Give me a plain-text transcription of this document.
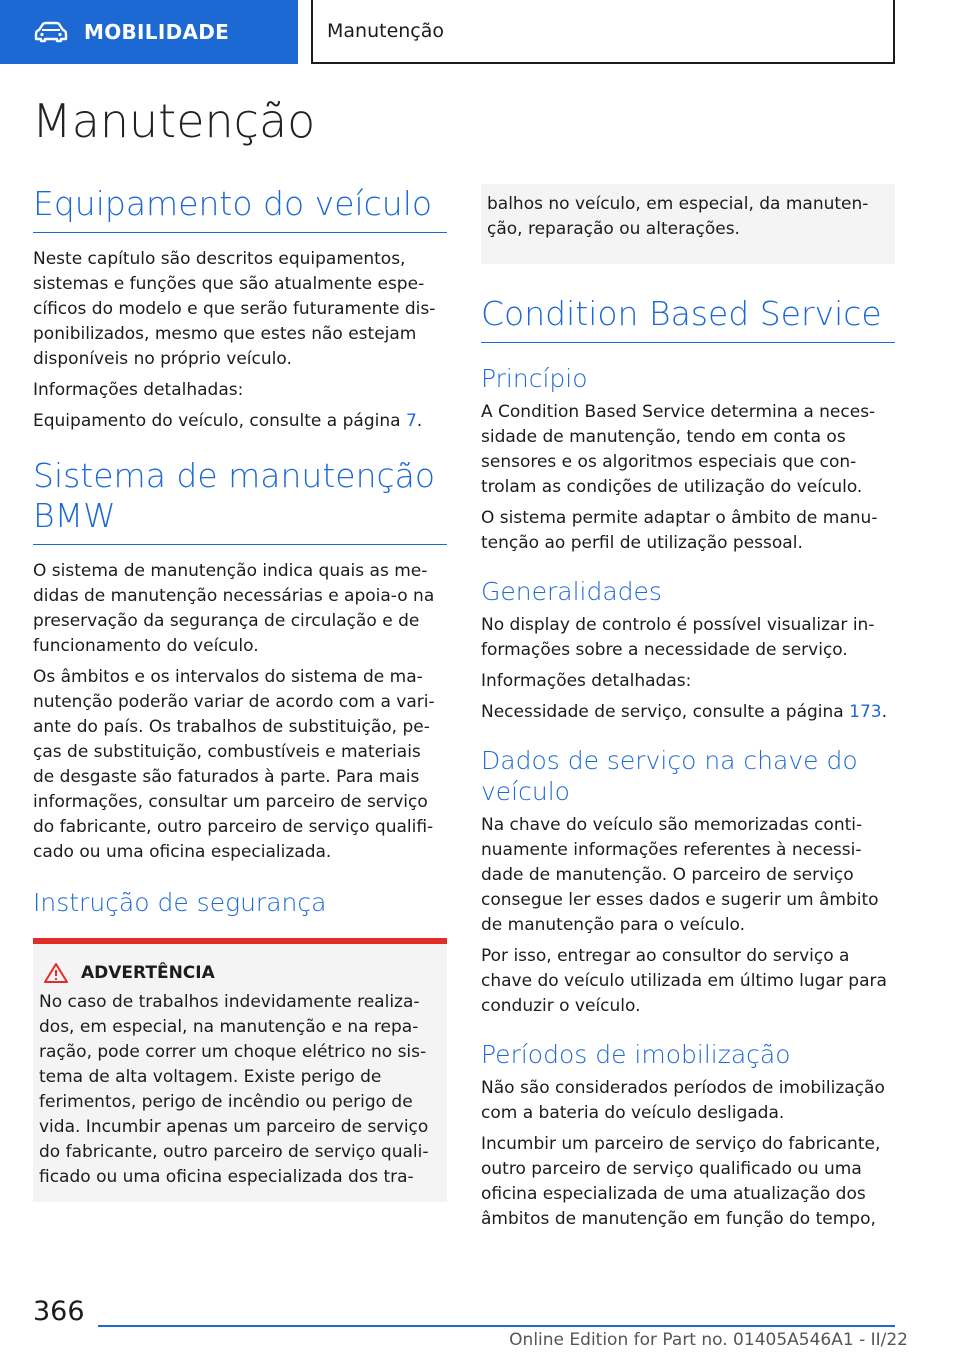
MOBILIDADE	Manutenção
Manutenção
Equipamento do veículo

Neste capítulo são descritos equipamentos, sistemas e funções que são atualmente específicos do modelo e que serão futuramente disponibilizados, mesmo que estes não estejam disponíveis no próprio veículo.

Informações detalhadas:

Equipamento do veículo, consulte a página 7.

Sistema de manutenção BMW

O sistema de manutenção indica quais as medidas de manutenção necessárias e apoia-o na preservação da segurança de circulação e de funcionamento do veículo.

Os âmbitos e os intervalos do sistema de manutenção poderão variar de acordo com a variante do país. Os trabalhos de substituição, peças de substituição, combustíveis e materiais de desgaste são faturados à parte. Para mais informações, consultar um parceiro de serviço do fabricante, outro parceiro de serviço qualificado ou uma oficina especializada.

Instrução de segurança
ADVERTÊNCIA

No caso de trabalhos indevidamente realizados, em especial, na manutenção e na reparação, pode correr um choque elétrico no sistema de alta voltagem. Existe perigo de ferimentos, perigo de incêndio ou perigo de vida. Incumbir apenas um parceiro de serviço do fabricante, outro parceiro de serviço qualificado ou uma oficina especializada dos tra-

balhos no veículo, em especial, da manutenção, reparação ou alterações.

Condition Based Service
Princípio

A Condition Based Service determina a necessidade de manutenção, tendo em conta os sensores e os algoritmos especiais que controlam as condições de utilização do veículo.

O sistema permite adaptar o âmbito de manutenção ao perfil de utilização pessoal.

Generalidades

No display de controlo é possível visualizar informações sobre a necessidade de serviço.

Informações detalhadas:

Necessidade de serviço, consulte a página 173.

Dados de serviço na chave do veículo

Na chave do veículo são memorizadas continuamente informações referentes à necessidade de manutenção. O parceiro de serviço consegue ler esses dados e sugerir um âmbito de manutenção para o veículo.

Por isso, entregar ao consultor do serviço a chave do veículo utilizada em último lugar para conduzir o veículo.

Períodos de imobilização

Não são considerados períodos de imobilização com a bateria do veículo desligada.

Incumbir um parceiro de serviço do fabricante, outro parceiro de serviço qualificado ou uma oficina especializada de uma atualização dos âmbitos de manutenção em função do tempo,

366
Online Edition for Part no. 01405A546A1 - II/22
